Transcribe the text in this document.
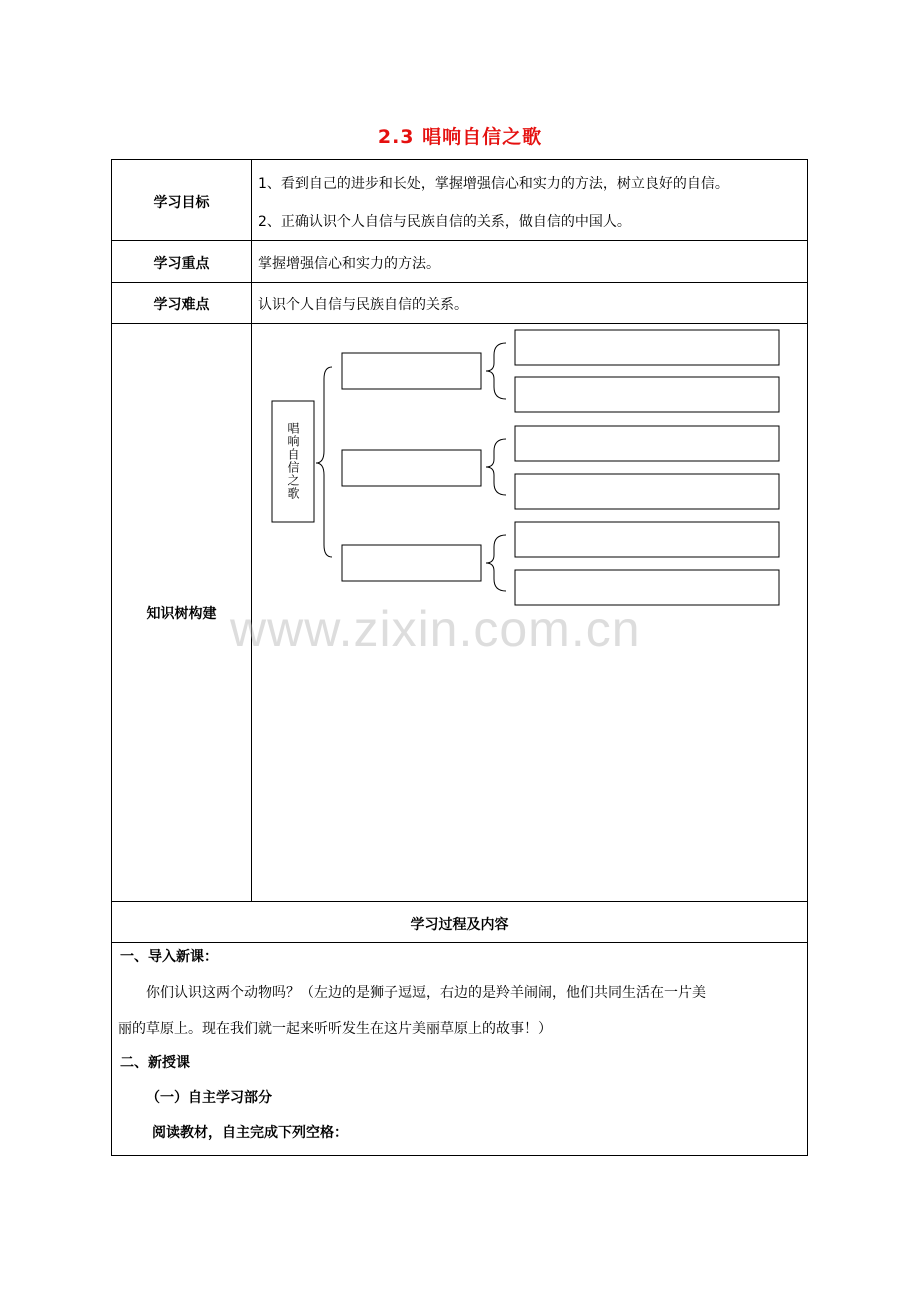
2.3 唱响自信之歌
学习目标
学习重点
学习难点
知识树构建
1、看到自己的进步和长处，掌握增强信心和实力的方法，树立良好的自信。
2、正确认识个人自信与民族自信的关系，做自信的中国人。
掌握增强信心和实力的方法。
认识个人自信与民族自信的关系。
唱响自信之歌
www.zixin.com.cn
学习过程及内容
一、导入新课：
你们认识这两个动物吗？（左边的是狮子逗逗，右边的是羚羊闹闹，他们共同生活在一片美
丽的草原上。现在我们就一起来听听发生在这片美丽草原上的故事！）
二、新授课
（一）自主学习部分
阅读教材，自主完成下列空格：
